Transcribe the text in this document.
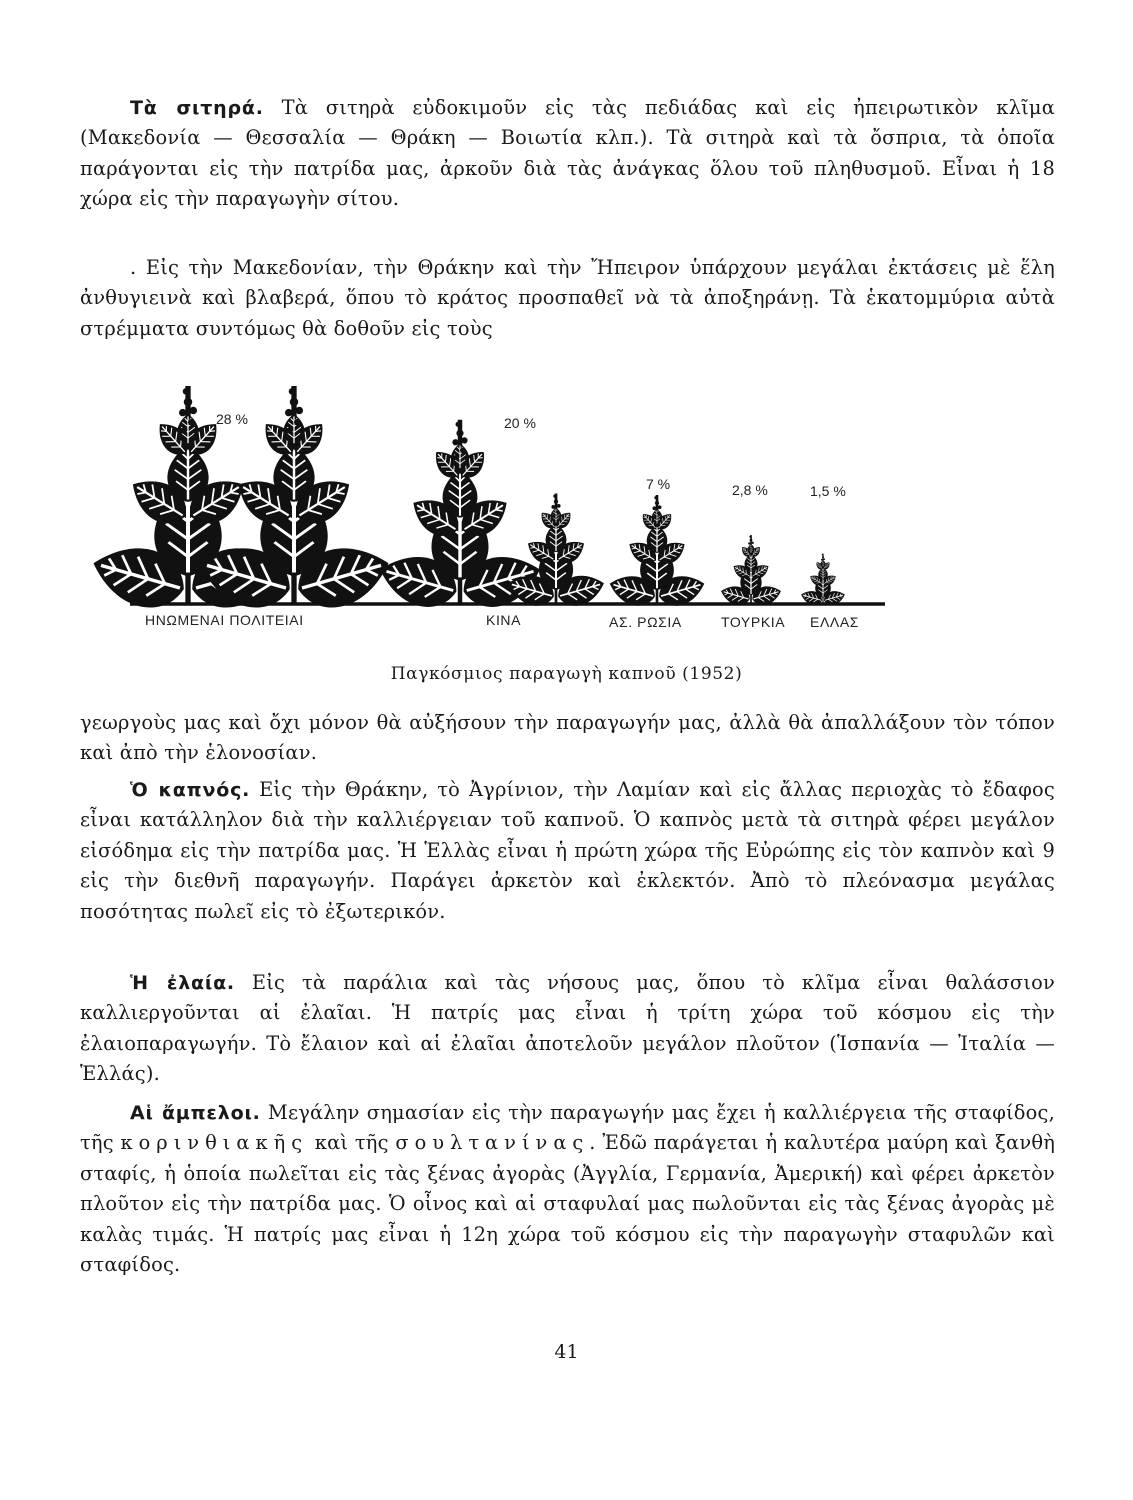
Τὰ σιτηρά. Τὰ σιτηρὰ εὐδοκιμοῦν εἰς τὰς πεδιάδας καὶ εἰς ἠπειρωτικὸν κλῖμα (Μακεδονία — Θεσσαλία — Θράκη — Βοιωτία κλπ.). Τὰ σιτηρὰ καὶ τὰ ὄσπρια, τὰ ὁποῖα παράγονται εἰς τὴν πατρίδα μας, ἀρκοῦν διὰ τὰς ἀνάγκας ὅλου τοῦ πληθυσμοῦ. Εἶναι ἡ 18 χώρα εἰς τὴν παραγωγὴν σίτου.

. Εἰς τὴν Μακεδονίαν, τὴν Θράκην καὶ τὴν Ἤπειρον ὑπάρχουν μεγάλαι ἐκτάσεις μὲ ἕλη ἀνθυγιεινὰ καὶ βλαβερά, ὅπου τὸ κράτος προσπαθεῖ νὰ τὰ ἀποξηράνῃ. Τὰ ἑκατομμύρια αὐτὰ στρέμματα συντόμως θὰ δοθοῦν εἰς τοὺς

28 %	20 %
7 %	2,8 %	1,5 %
ΗΝΩΜΕΝΑΙ ΠΟΛΙΤΕΙΑΙ	ΚΙΝΑ	ΑΣ. ΡΩΣΙΑ	ΤΟΥΡΚΙΑ ΕΛΛΑΣ
Παγκόσμιος παραγωγὴ καπνοῦ (1952)

γεωργοὺς μας καὶ ὄχι μόνον θὰ αὐξήσουν τὴν παραγωγήν μας, ἀλλὰ θὰ ἀπαλλάξουν τὸν τόπον καὶ ἀπὸ τὴν ἑλονοσίαν.

Ὁ καπνός. Εἰς τὴν Θράκην, τὸ Ἀγρίνιον, τὴν Λαμίαν καὶ εἰς ἄλλας περιοχὰς τὸ ἔδαφος εἶναι κατάλληλον διὰ τὴν καλλιέργειαν τοῦ καπνοῦ. Ὁ καπνὸς μετὰ τὰ σιτηρὰ φέρει μεγάλον εἰσόδημα εἰς τὴν πατρίδα μας. Ἡ Ἑλλὰς εἶναι ἡ πρώτη χώρα τῆς Εὐρώπης εἰς τὸν καπνὸν καὶ 9 εἰς τὴν διεθνῆ παραγωγήν. Παράγει ἀρκετὸν καὶ ἐκλεκτόν. Ἀπὸ τὸ πλεόνασμα μεγάλας ποσότητας πωλεῖ εἰς τὸ ἐξωτερικόν.

Ἡ ἐλαία. Εἰς τὰ παράλια καὶ τὰς νήσους μας, ὅπου τὸ κλῖμα εἶναι θαλάσσιον καλλιεργοῦνται αἱ ἐλαῖαι. Ἡ πατρίς μας εἶναι ἡ τρίτη χώρα τοῦ κόσμου εἰς τὴν ἐλαιοπαραγωγήν. Τὸ ἔλαιον καὶ αἱ ἐλαῖαι ἀποτελοῦν μεγάλον πλοῦτον (Ἱσπανία — Ἰταλία — Ἑλλάς).

Αἱ ἄμπελοι. Μεγάλην σημασίαν εἰς τὴν παραγωγήν μας ἔχει ἡ καλλιέργεια τῆς σταφίδος, τῆς κορινθιακῆς καὶ τῆς σουλτανίνας. Ἐδῶ παράγεται ἡ καλυτέρα μαύρη καὶ ξανθὴ σταφίς, ἡ ὁποία πωλεῖται εἰς τὰς ξένας ἀγορὰς (Ἀγγλία, Γερμανία, Ἀμερική) καὶ φέρει ἀρκετὸν πλοῦτον εἰς τὴν πατρίδα μας. Ὁ οἶνος καὶ αἱ σταφυλαί μας πωλοῦνται εἰς τὰς ξένας ἀγορὰς μὲ καλὰς τιμάς. Ἡ πατρίς μας εἶναι ἡ 12η χώρα τοῦ κόσμου εἰς τὴν παραγωγὴν σταφυλῶν καὶ σταφίδος.

41
